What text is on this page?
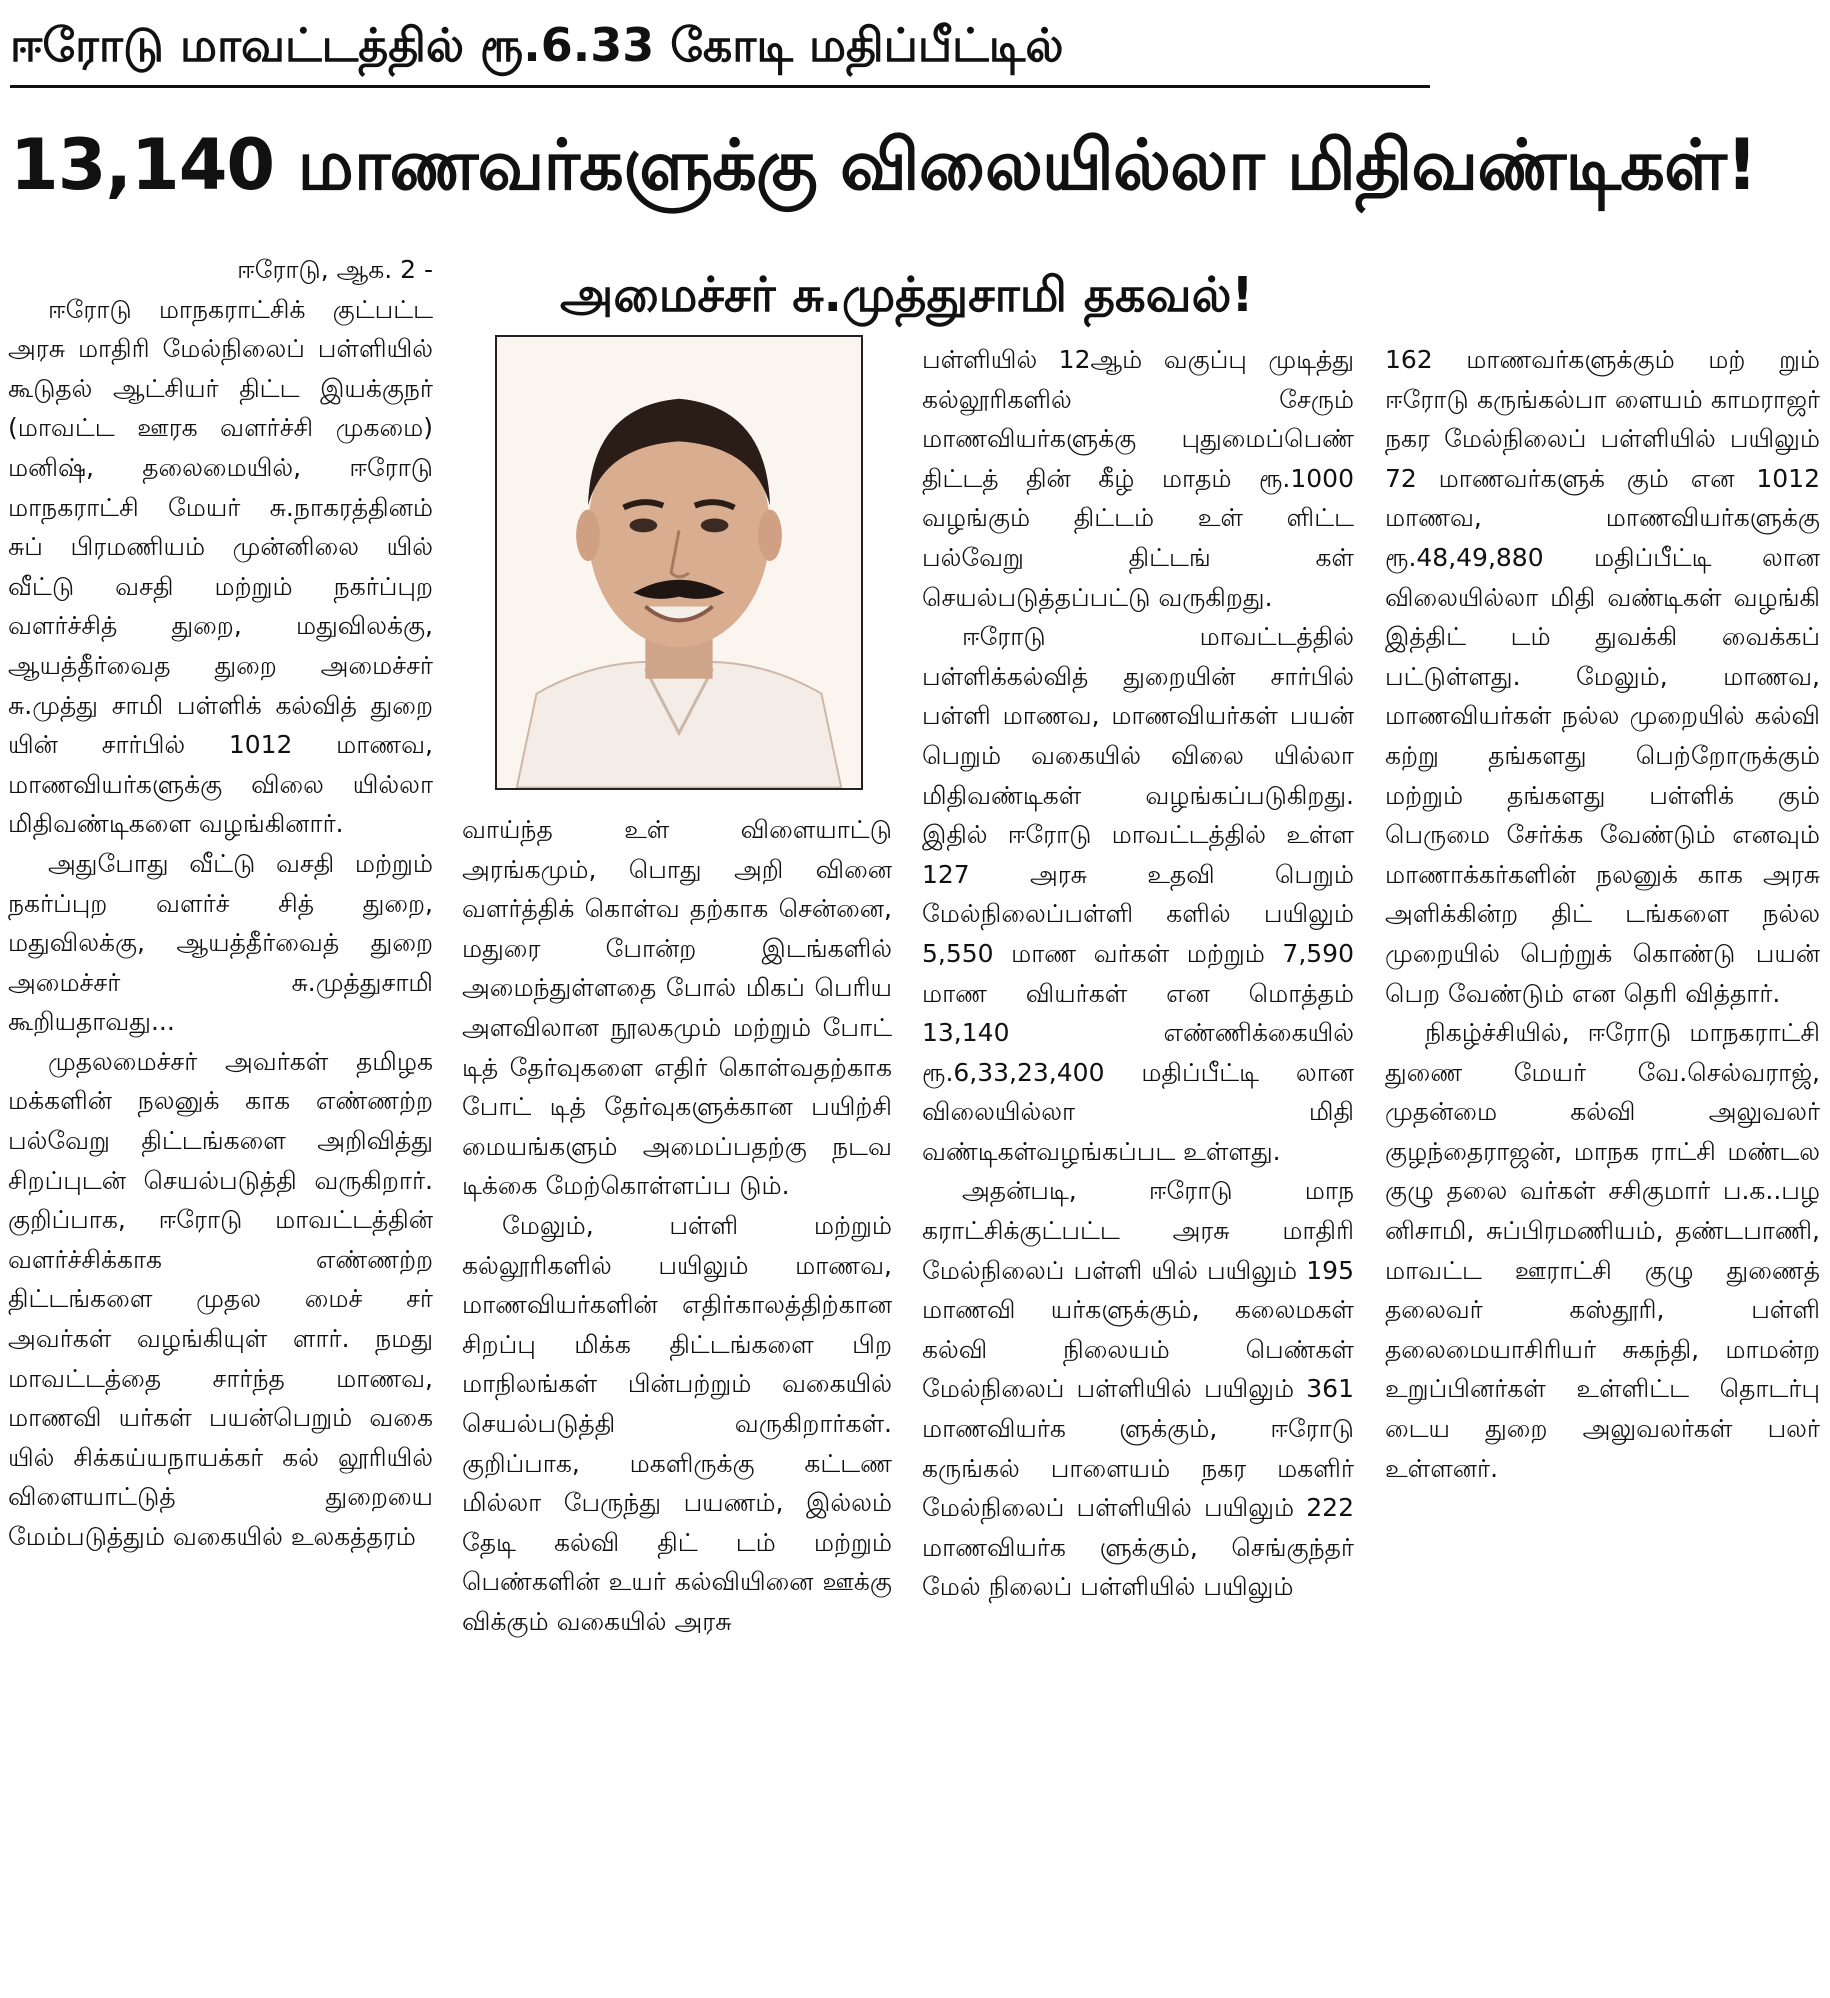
ஈரோடு மாவட்டத்தில் ரூ.6.33 கோடி மதிப்பீட்டில்
13,140 மாணவர்களுக்கு விலையில்லா மிதிவண்டிகள்!
அமைச்சர் சு.முத்துசாமி தகவல்!

ஈரோடு, ஆக. 2 -

ஈரோடு மாநகராட்சிக் குட்பட்ட அரசு மாதிரி மேல்நிலைப் பள்ளியில் கூடுதல் ஆட்சியர் திட்ட இயக்குநர் (மாவட்ட ஊரக வளர்ச்சி முகமை) மனிஷ், தலைமையில், ஈரோடு மாநகராட்சி மேயர் சு.நாகரத்தினம் சுப் பிரமணியம் முன்னிலை யில் வீட்டு வசதி மற்றும் நகர்ப்புற வளர்ச்சித் துறை, மதுவிலக்கு, ஆயத்தீர்வைத துறை அமைச்சர் சு.முத்து சாமி பள்ளிக் கல்வித் துறை யின் சார்பில் 1012 மாணவ, மாணவியர்களுக்கு விலை யில்லா மிதிவண்டிகளை வழங்கினார்.

அதுபோது வீட்டு வசதி மற்றும் நகர்ப்புற வளர்ச் சித் துறை, மதுவிலக்கு, ஆயத்தீர்வைத் துறை அமைச்சர் சு.முத்துசாமி கூறியதாவது...

முதலமைச்சர் அவர்கள் தமிழக மக்களின் நலனுக் காக எண்ணற்ற பல்வேறு திட்டங்களை அறிவித்து சிறப்புடன் செயல்படுத்தி வருகிறார். குறிப்பாக, ஈரோடு மாவட்டத்தின் வளர்ச்சிக்காக எண்ணற்ற திட்டங்களை முதல மைச் சர் அவர்கள் வழங்கியுள் ளார். நமது மாவட்டத்தை சார்ந்த மாணவ, மாணவி யர்கள் பயன்பெறும் வகை யில் சிக்கய்யநாயக்கர் கல் லூரியில் விளையாட்டுத் துறையை மேம்படுத்தும் வகையில் உலகத்தரம்

வாய்ந்த உள் விளையாட்டு அரங்கமும், பொது அறி வினை வளர்த்திக் கொள்வ தற்காக சென்னை, மதுரை போன்ற இடங்களில் அமைந்துள்ளதை போல் மிகப் பெரிய அளவிலான நூலகமும் மற்றும் போட் டித் தேர்வுகளை எதிர் கொள்வதற்காக போட் டித் தேர்வுகளுக்கான பயிற்சி மையங்களும் அமைப்பதற்கு நடவ டிக்கை மேற்கொள்ளப்ப டும்.

மேலும், பள்ளி மற்றும் கல்லூரிகளில் பயிலும் மாணவ, மாணவியர்களின் எதிர்காலத்திற்கான சிறப்பு மிக்க திட்டங்களை பிற மாநிலங்கள் பின்பற்றும் வகையில் செயல்படுத்தி வருகிறார்கள். குறிப்பாக, மகளிருக்கு கட்டண மில்லா பேருந்து பயணம், இல்லம் தேடி கல்வி திட் டம் மற்றும் பெண்களின் உயர் கல்வியினை ஊக்கு விக்கும் வகையில் அரசு

பள்ளியில் 12ஆம் வகுப்பு முடித்து கல்லூரிகளில் சேரும் மாணவியர்களுக்கு புதுமைப்பெண் திட்டத் தின் கீழ் மாதம் ரூ.1000 வழங்கும் திட்டம் உள் ளிட்ட பல்வேறு திட்டங் கள் செயல்படுத்தப்பட்டு வருகிறது.

ஈரோடு மாவட்டத்தில் பள்ளிக்கல்வித் துறையின் சார்பில் பள்ளி மாணவ, மாணவியர்கள் பயன் பெறும் வகையில் விலை யில்லா மிதிவண்டிகள் வழங்கப்படுகிறது. இதில் ஈரோடு மாவட்டத்தில் உள்ள 127 அரசு உதவி பெறும் மேல்நிலைப்பள்ளி களில் பயிலும் 5,550 மாண வர்கள் மற்றும் 7,590 மாண வியர்கள் என மொத்தம் 13,140 எண்ணிக்கையில் ரூ.6,33,23,400 மதிப்பீட்டி லான விலையில்லா மிதி வண்டிகள்வழங்கப்பட உள்ளது.

அதன்படி, ஈரோடு மாந கராட்சிக்குட்பட்ட அரசு மாதிரி மேல்நிலைப் பள்ளி யில் பயிலும் 195 மாணவி யர்களுக்கும், கலைமகள் கல்வி நிலையம் பெண்கள் மேல்நிலைப் பள்ளியில் பயிலும் 361 மாணவியர்க ளுக்கும், ஈரோடு கருங்கல் பாளையம் நகர மகளிர் மேல்நிலைப் பள்ளியில் பயிலும் 222 மாணவியர்க ளுக்கும், செங்குந்தர் மேல் நிலைப் பள்ளியில் பயிலும்

162 மாணவர்களுக்கும் மற் றும் ஈரோடு கருங்கல்பா ளையம் காமராஜர் நகர மேல்நிலைப் பள்ளியில் பயிலும் 72 மாணவர்களுக் கும் என 1012 மாணவ, மாணவியர்களுக்கு ரூ.48,49,880 மதிப்பீட்டி லான விலையில்லா மிதி வண்டிகள் வழங்கி இத்திட் டம் துவக்கி வைக்கப் பட்டுள்ளது. மேலும், மாணவ, மாணவியர்கள் நல்ல முறையில் கல்வி கற்று தங்களது பெற்றோருக்கும் மற்றும் தங்களது பள்ளிக் கும் பெருமை சேர்க்க வேண்டும் எனவும் மாணாக்கர்களின் நலனுக் காக அரசு அளிக்கின்ற திட் டங்களை நல்ல முறையில் பெற்றுக் கொண்டு பயன் பெற வேண்டும் என தெரி வித்தார்.

நிகழ்ச்சியில், ஈரோடு மாநகராட்சி துணை மேயர் வே.செல்வராஜ், முதன்மை கல்வி அலுவலர் குழந்தைராஜன், மாநக ராட்சி மண்டல குழு தலை வர்கள் சசிகுமார் ப.க..பழ னிசாமி, சுப்பிரமணியம், தண்டபாணி, மாவட்ட ஊராட்சி குழு துணைத் தலைவர் கஸ்தூரி, பள்ளி தலைமையாசிரியர் சுகந்தி, மாமன்ற உறுப்பினர்கள் உள்ளிட்ட தொடர்பு டைய துறை அலுவலர்கள் பலர் உள்ளனர்.
